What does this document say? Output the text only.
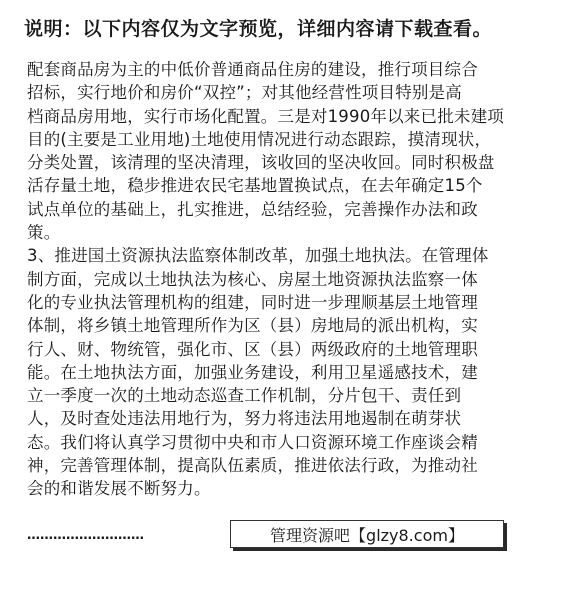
说明：以下内容仅为文字预览，详细内容请下载查看。
配套商品房为主的中低价普通商品住房的建设，推行项目综合
招标，实行地价和房价“双控”；对其他经营性项目特别是高
档商品房用地，实行市场化配置。三是对1990年以来已批未建项
目的(主要是工业用地)土地使用情况进行动态跟踪，摸清现状，
分类处置，该清理的坚决清理，该收回的坚决收回。同时积极盘
活存量土地，稳步推进农民宅基地置换试点，在去年确定15个
试点单位的基础上，扎实推进，总结经验，完善操作办法和政
策。
3、推进国土资源执法监察体制改革，加强土地执法。在管理体
制方面，完成以土地执法为核心、房屋土地资源执法监察一体
化的专业执法管理机构的组建，同时进一步理顺基层土地管理
体制，将乡镇土地管理所作为区（县）房地局的派出机构，实
行人、财、物统管，强化市、区（县）两级政府的土地管理职
能。在土地执法方面，加强业务建设，利用卫星遥感技术，建
立一季度一次的土地动态巡查工作机制，分片包干、责任到
人，及时查处违法用地行为，努力将违法用地遏制在萌芽状
态。我们将认真学习贯彻中央和市人口资源环境工作座谈会精
神，完善管理体制，提高队伍素质，推进依法行政，为推动社
会的和谐发展不断努力。
………………………	管理资源吧【glzy8.com】
